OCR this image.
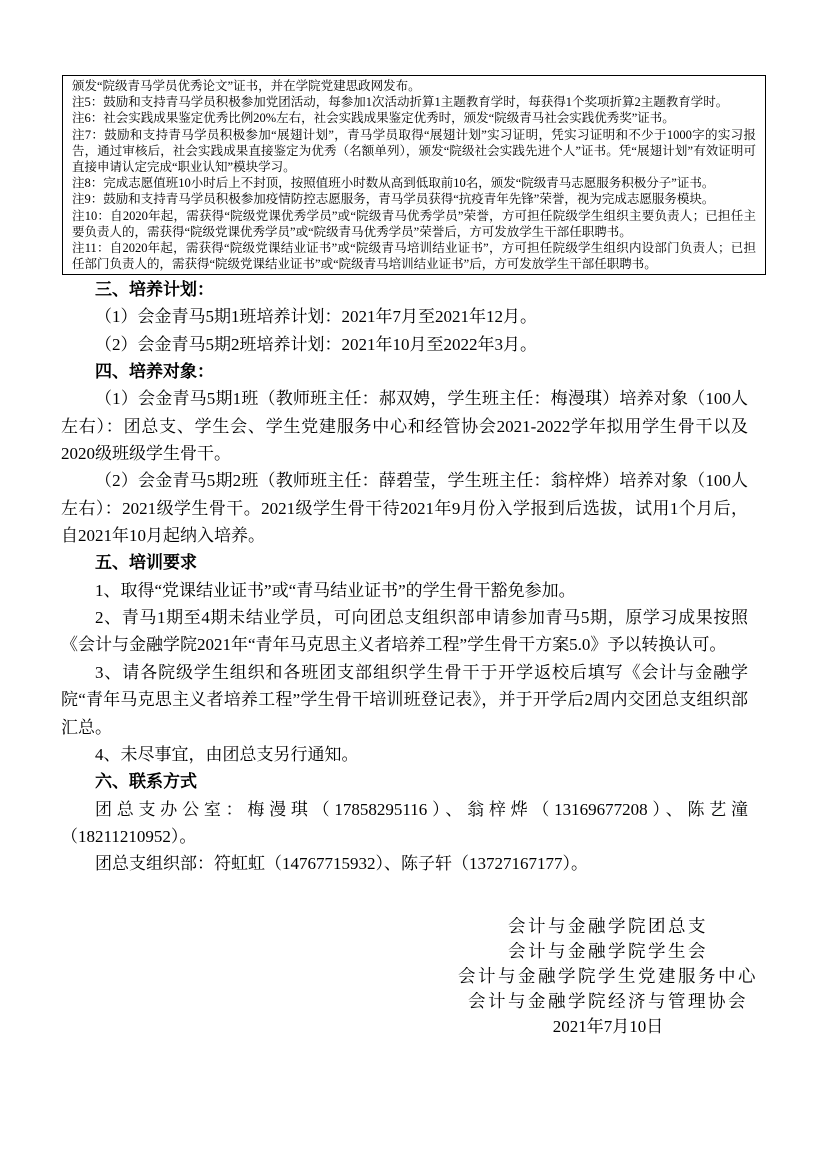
颁发“院级青马学员优秀论文”证书，并在学院党建思政网发布。

注5：鼓励和支持青马学员积极参加党团活动，每参加1次活动折算1主题教育学时，每获得1个奖项折算2主题教育学时。

注6：社会实践成果鉴定优秀比例20%左右，社会实践成果鉴定优秀时，颁发“院级青马社会实践优秀奖”证书。

注7：鼓励和支持青马学员积极参加“展翅计划”，青马学员取得“展翅计划”实习证明，凭实习证明和不少于1000字的实习报告，通过审核后，社会实践成果直接鉴定为优秀（名额单列），颁发“院级社会实践先进个人”证书。凭“展翅计划”有效证明可直接申请认定完成“职业认知”模块学习。

注8：完成志愿值班10小时后上不封顶，按照值班小时数从高到低取前10名，颁发“院级青马志愿服务积极分子”证书。

注9：鼓励和支持青马学员积极参加疫情防控志愿服务，青马学员获得“抗疫青年先锋”荣誉，视为完成志愿服务模块。

注10：自2020年起，需获得“院级党课优秀学员”或“院级青马优秀学员”荣誉，方可担任院级学生组织主要负责人；已担任主要负责人的，需获得“院级党课优秀学员”或“院级青马优秀学员”荣誉后，方可发放学生干部任职聘书。

注11：自2020年起，需获得“院级党课结业证书”或“院级青马培训结业证书”，方可担任院级学生组织内设部门负责人；已担任部门负责人的，需获得“院级党课结业证书”或“院级青马培训结业证书”后，方可发放学生干部任职聘书。

三、培养计划：

（1）会金青马5期1班培养计划：2021年7月至2021年12月。

（2）会金青马5期2班培养计划：2021年10月至2022年3月。

四、培养对象：

（1）会金青马5期1班（教师班主任：郝双娉，学生班主任：梅漫琪）培养对象（100人左右）：团总支、学生会、学生党建服务中心和经管协会2021-2022学年拟用学生骨干以及2020级班级学生骨干。

（2）会金青马5期2班（教师班主任：薛碧莹，学生班主任：翁梓烨）培养对象（100人左右）：2021级学生骨干。2021级学生骨干待2021年9月份入学报到后选拔，试用1个月后，自2021年10月起纳入培养。

五、培训要求

1、取得“党课结业证书”或“青马结业证书”的学生骨干豁免参加。

2、青马1期至4期未结业学员，可向团总支组织部申请参加青马5期，原学习成果按照《会计与金融学院2021年“青年马克思主义者培养工程”学生骨干方案5.0》予以转换认可。

3、请各院级学生组织和各班团支部组织学生骨干于开学返校后填写《会计与金融学院“青年马克思主义者培养工程”学生骨干培训班登记表》，并于开学后2周内交团总支组织部汇总。

4、未尽事宜，由团总支另行通知。

六、联系方式

团总支办公室：梅漫琪（17858295116）、翁梓烨（13169677208）、陈艺潼（18211210952）。

团总支组织部：符虹虹（14767715932）、陈子轩（13727167177）。

会计与金融学院团总支

会计与金融学院学生会

会计与金融学院学生党建服务中心

会计与金融学院经济与管理协会

2021年7月10日
